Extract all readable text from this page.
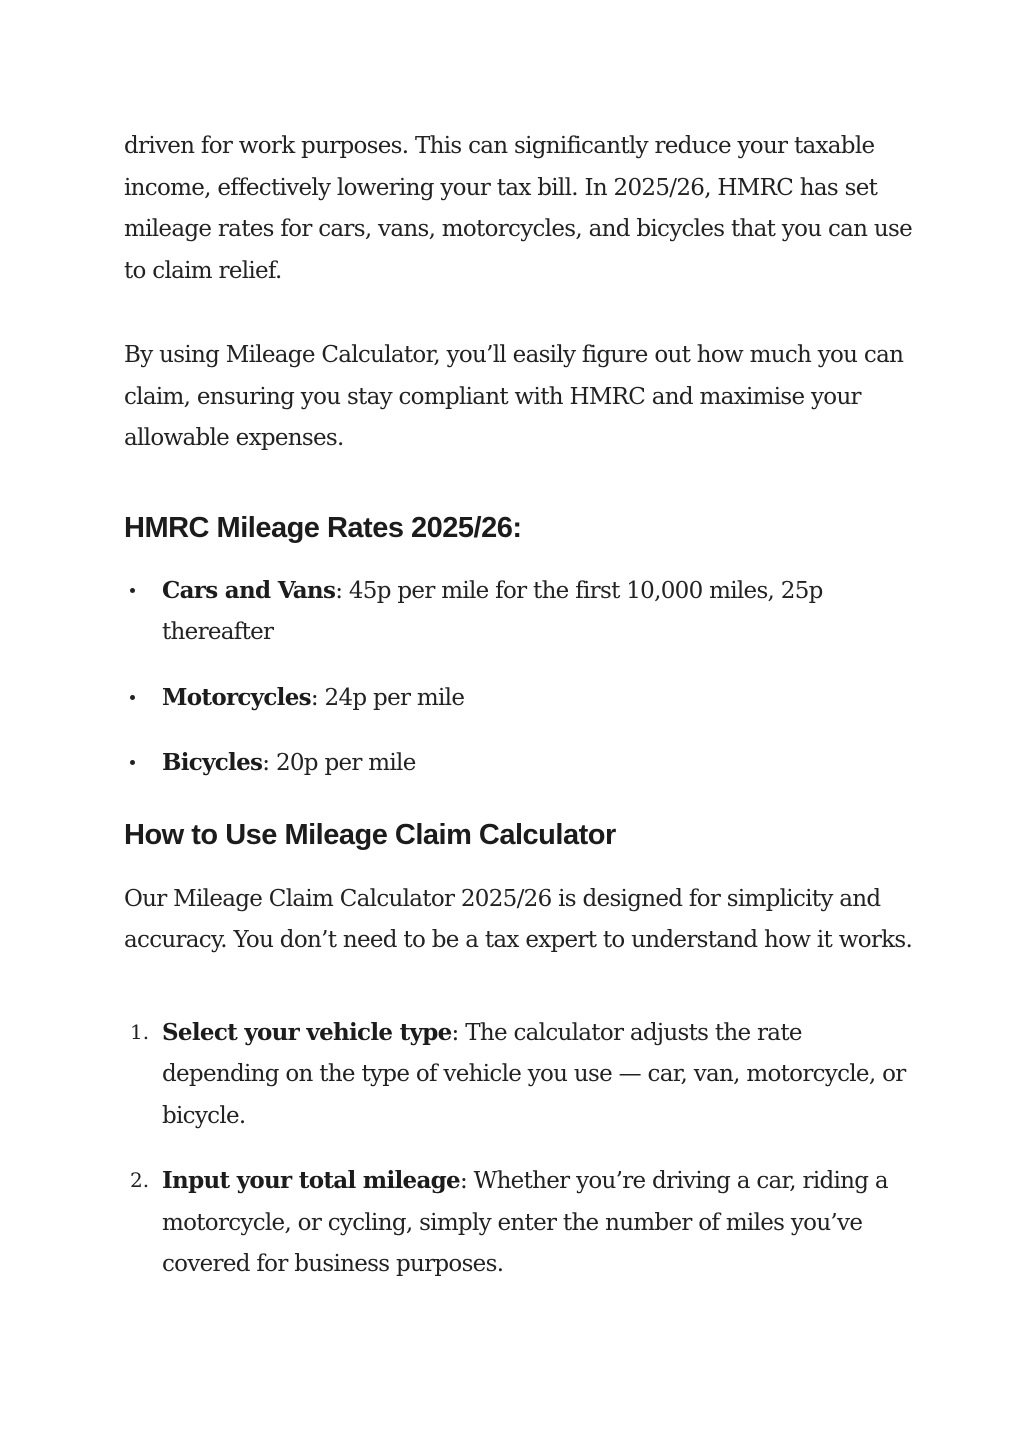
driven for work purposes. This can significantly reduce your taxable income, effectively lowering your tax bill. In 2025/26, HMRC has set mileage rates for cars, vans, motorcycles, and bicycles that you can use to claim relief.

By using Mileage Calculator, you’ll easily figure out how much you can claim, ensuring you stay compliant with HMRC and maximise your allowable expenses.

HMRC Mileage Rates 2025/26:
Cars and Vans: 45p per mile for the first 10,000 miles, 25p thereafter
Motorcycles: 24p per mile
Bicycles: 20p per mile
How to Use Mileage Claim Calculator

Our Mileage Claim Calculator 2025/26 is designed for simplicity and accuracy. You don’t need to be a tax expert to understand how it works.

1. Select your vehicle type: The calculator adjusts the rate depending on the type of vehicle you use — car, van, motorcycle, or bicycle.
2. Input your total mileage: Whether you’re driving a car, riding a motorcycle, or cycling, simply enter the number of miles you’ve covered for business purposes.
